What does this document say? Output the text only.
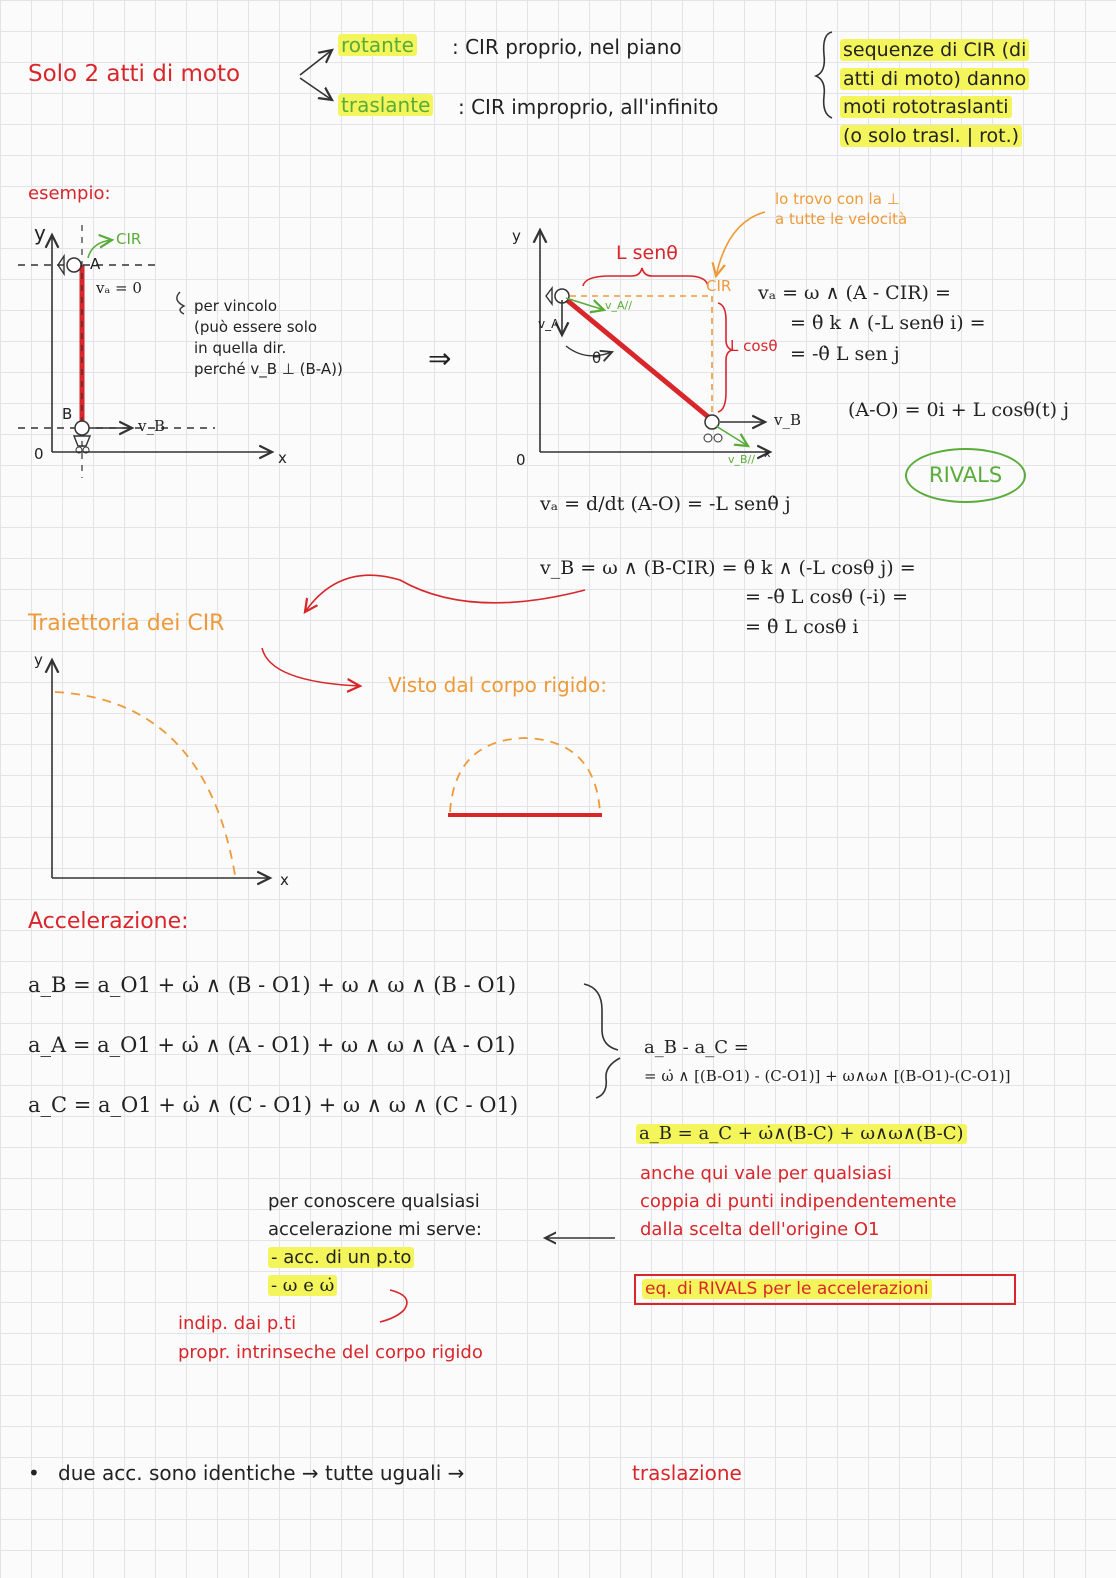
Solo 2 atti di moto
rotante : CIR proprio, nel piano
traslante : CIR improprio, all'infinito
sequenze di CIR (di
atti di moto) danno
moti rototraslanti
(o solo trasl. | rot.)
esempio:
y	CIR
A
vₐ = 0
per vincolo
(può essere solo
in quella dir.
perché v_B ⊥ (B-A))
B
v_B
0	x
⇒
lo trovo con la ⊥
a tutte le velocità
y
L senθ
CIR
v_A//
v_A
L cosθ
θ
v_B
v_B//
0	x
vₐ = ω ∧ (A - CIR) =
= θ̇ k ∧ (-L senθ i) =
= -θ̇ L sen j
(A-O) = 0i + L cosθ(t) j
RIVALS
vₐ = d/dt (A-O) = -L senθ̇ j
v_B = ω ∧ (B-CIR) = θ̇ k ∧ (-L cosθ j) =
= -θ̇ L cosθ (-i) =
= θ̇ L cosθ i
Traiettoria dei CIR
Visto dal corpo rigido:
y
x
Accelerazione:
a_B = a_O1 + ω̇ ∧ (B - O1) + ω ∧ ω ∧ (B - O1)
a_A = a_O1 + ω̇ ∧ (A - O1) + ω ∧ ω ∧ (A - O1)
a_C = a_O1 + ω̇ ∧ (C - O1) + ω ∧ ω ∧ (C - O1)
a_B - a_C =
= ω̇ ∧ [(B-O1) - (C-O1)] + ω∧ω∧ [(B-O1)-(C-O1)]
a_B = a_C + ω̇∧(B-C) + ω∧ω∧(B-C)
anche qui vale per qualsiasi
coppia di punti indipendentemente
dalla scelta dell'origine O1
eq. di RIVALS per le accelerazioni
per conoscere qualsiasi
accelerazione mi serve:
- acc. di un p.to
- ω e ω̇
indip. dai p.ti
propr. intrinseche del corpo rigido
• due acc. sono identiche → tutte uguali →	traslazione
